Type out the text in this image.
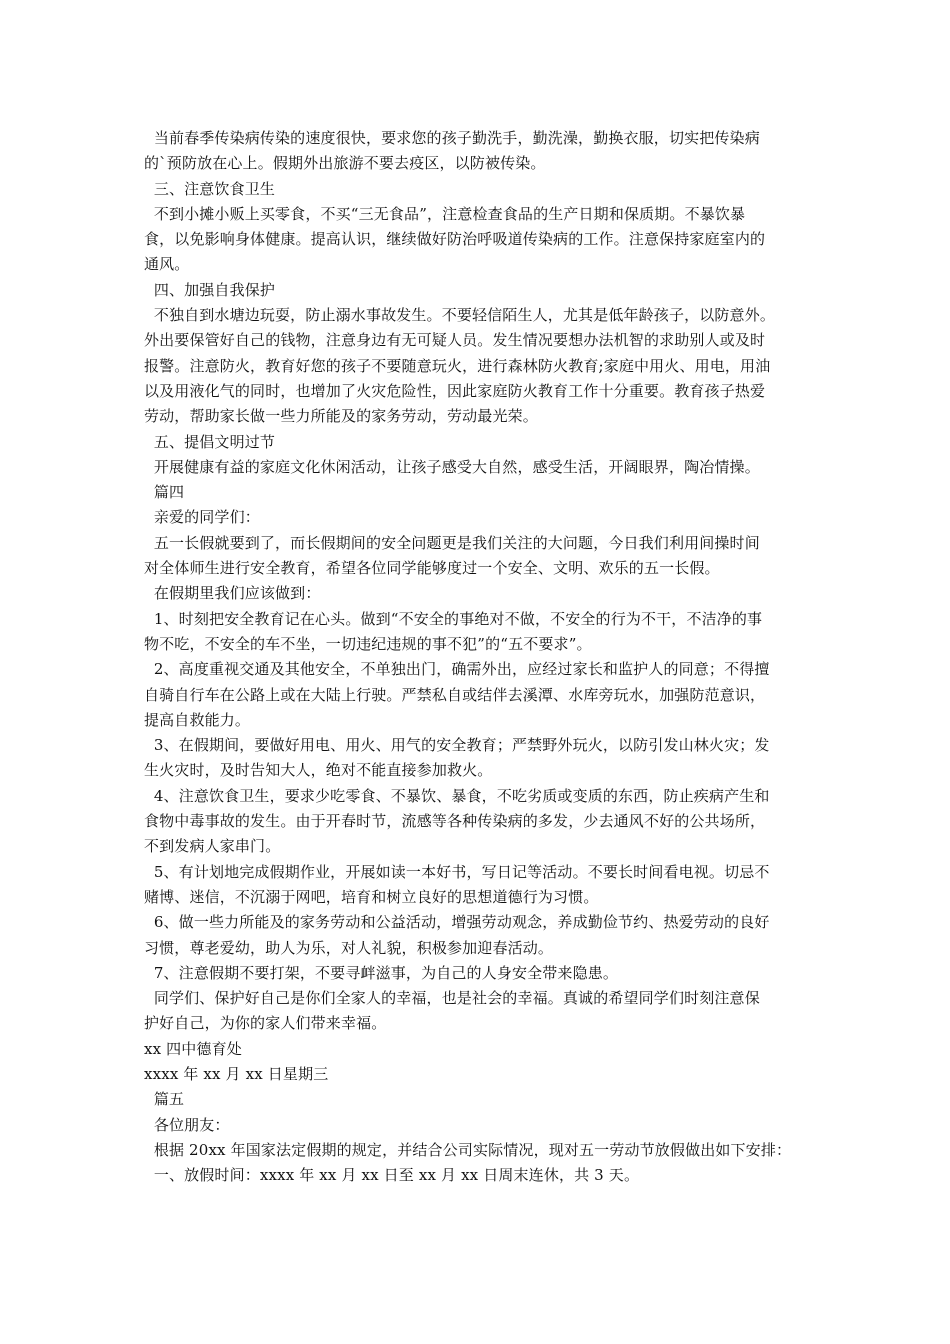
当前春季传染病传染的速度很快，要求您的孩子勤洗手，勤洗澡，勤换衣服，切实把传染病
的`预防放在心上。假期外出旅游不要去疫区，以防被传染。
三、注意饮食卫生
不到小摊小贩上买零食，不买“三无食品”，注意检查食品的生产日期和保质期。不暴饮暴
食，以免影响身体健康。提高认识，继续做好防治呼吸道传染病的工作。注意保持家庭室内的
通风。
四、加强自我保护
不独自到水塘边玩耍，防止溺水事故发生。不要轻信陌生人，尤其是低年龄孩子，以防意外。
外出要保管好自己的钱物，注意身边有无可疑人员。发生情况要想办法机智的求助别人或及时
报警。注意防火，教育好您的孩子不要随意玩火，进行森林防火教育;家庭中用火、用电，用油
以及用液化气的同时，也增加了火灾危险性，因此家庭防火教育工作十分重要。教育孩子热爱
劳动，帮助家长做一些力所能及的家务劳动，劳动最光荣。
五、提倡文明过节
开展健康有益的家庭文化休闲活动，让孩子感受大自然，感受生活，开阔眼界，陶冶情操。
篇四
亲爱的同学们：
五一长假就要到了，而长假期间的安全问题更是我们关注的大问题，今日我们利用间操时间
对全体师生进行安全教育，希望各位同学能够度过一个安全、文明、欢乐的五一长假。
在假期里我们应该做到：
1、时刻把安全教育记在心头。做到“不安全的事绝对不做，不安全的行为不干，不洁净的事
物不吃，不安全的车不坐，一切违纪违规的事不犯”的“五不要求”。
2、高度重视交通及其他安全，不单独出门，确需外出，应经过家长和监护人的同意；不得擅
自骑自行车在公路上或在大陆上行驶。严禁私自或结伴去溪潭、水库旁玩水，加强防范意识，
提高自救能力。
3、在假期间，要做好用电、用火、用气的安全教育；严禁野外玩火，以防引发山林火灾；发
生火灾时，及时告知大人，绝对不能直接参加救火。
4、注意饮食卫生，要求少吃零食、不暴饮、暴食，不吃劣质或变质的东西，防止疾病产生和
食物中毒事故的发生。由于开春时节，流感等各种传染病的多发，少去通风不好的公共场所，
不到发病人家串门。
5、有计划地完成假期作业，开展如读一本好书，写日记等活动。不要长时间看电视。切忌不
赌博、迷信，不沉溺于网吧，培育和树立良好的思想道德行为习惯。
6、做一些力所能及的家务劳动和公益活动，增强劳动观念，养成勤俭节约、热爱劳动的良好
习惯，尊老爱幼，助人为乐，对人礼貌，积极参加迎春活动。
7、注意假期不要打架，不要寻衅滋事，为自己的人身安全带来隐患。
同学们、保护好自己是你们全家人的幸福，也是社会的幸福。真诚的希望同学们时刻注意保
护好自己，为你的家人们带来幸福。
xx 四中德育处
xxxx 年 xx 月 xx 日星期三
篇五
各位朋友：
根据 20xx 年国家法定假期的规定，并结合公司实际情况，现对五一劳动节放假做出如下安排：
一、放假时间：xxxx 年 xx 月 xx 日至 xx 月 xx 日周末连休，共 3 天。
